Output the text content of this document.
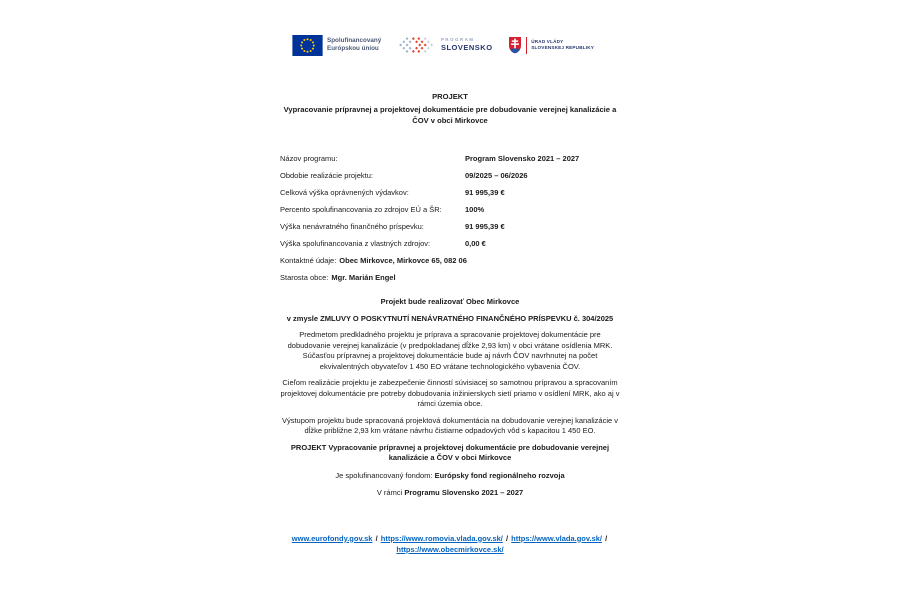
Spolufinancovaný
Európskou úniou
PROGRAM
SLOVENSKO
ÚRAD VLÁDY
SLOVENSKEJ REPUBLIKY

PROJEKT

Vypracovanie prípravnej a projektovej dokumentácie pre dobudovanie verejnej kanalizácie a ČOV v obci Mirkovce

Názov programu:	Program Slovensko 2021 – 2027
Obdobie realizácie projektu:	09/2025 – 06/2026
Celková výška oprávnených výdavkov:	91 995,39 €
Percento spolufinancovania zo zdrojov EÚ a ŠR:	100%
Výška nenávratného finančného príspevku:	91 995,39 €
Výška spolufinancovania z vlastných zdrojov:	0,00 €
Kontaktné údaje: Obec Mirkovce, Mirkovce 65, 082 06
Starosta obce: Mgr. Marián Engel

Projekt bude realizovať Obec Mirkovce

v zmysle ZMLUVY O POSKYTNUTÍ NENÁVRATNÉHO FINANČNÉHO PRÍSPEVKU č. 304/2025

Predmetom predkladného projektu je príprava a spracovanie projektovej dokumentácie pre dobudovanie verejnej kanalizácie (v predpokladanej dĺžke 2,93 km) v obci vrátane osídlenia MRK. Súčasťou prípravnej a projektovej dokumentácie bude aj návrh ČOV navrhnutej na počet ekvivalentných obyvateľov 1 450 EO vrátane technologického vybavenia ČOV.

Cieľom realizácie projektu je zabezpečenie činností súvisiacej so samotnou prípravou a spracovaním projektovej dokumentácie pre potreby dobudovania inžinierskych sietí priamo v osídlení MRK, ako aj v rámci územia obce.

Výstupom projektu bude spracovaná projektová dokumentácia na dobudovanie verejnej kanalizácie v dĺžke približne 2,93 km vrátane návrhu čistiarne odpadových vôd s kapacitou 1 450 EO.

PROJEKT Vypracovanie prípravnej a projektovej dokumentácie pre dobudovanie verejnej kanalizácie a ČOV v obci Mirkovce

Je spolufinancovaný fondom: Európsky fond regionálneho rozvoja

V rámci Programu Slovensko 2021 – 2027

www.eurofondy.gov.sk / https://www.romovia.vlada.gov.sk/ / https://www.vlada.gov.sk/ / https://www.obecmirkovce.sk/
